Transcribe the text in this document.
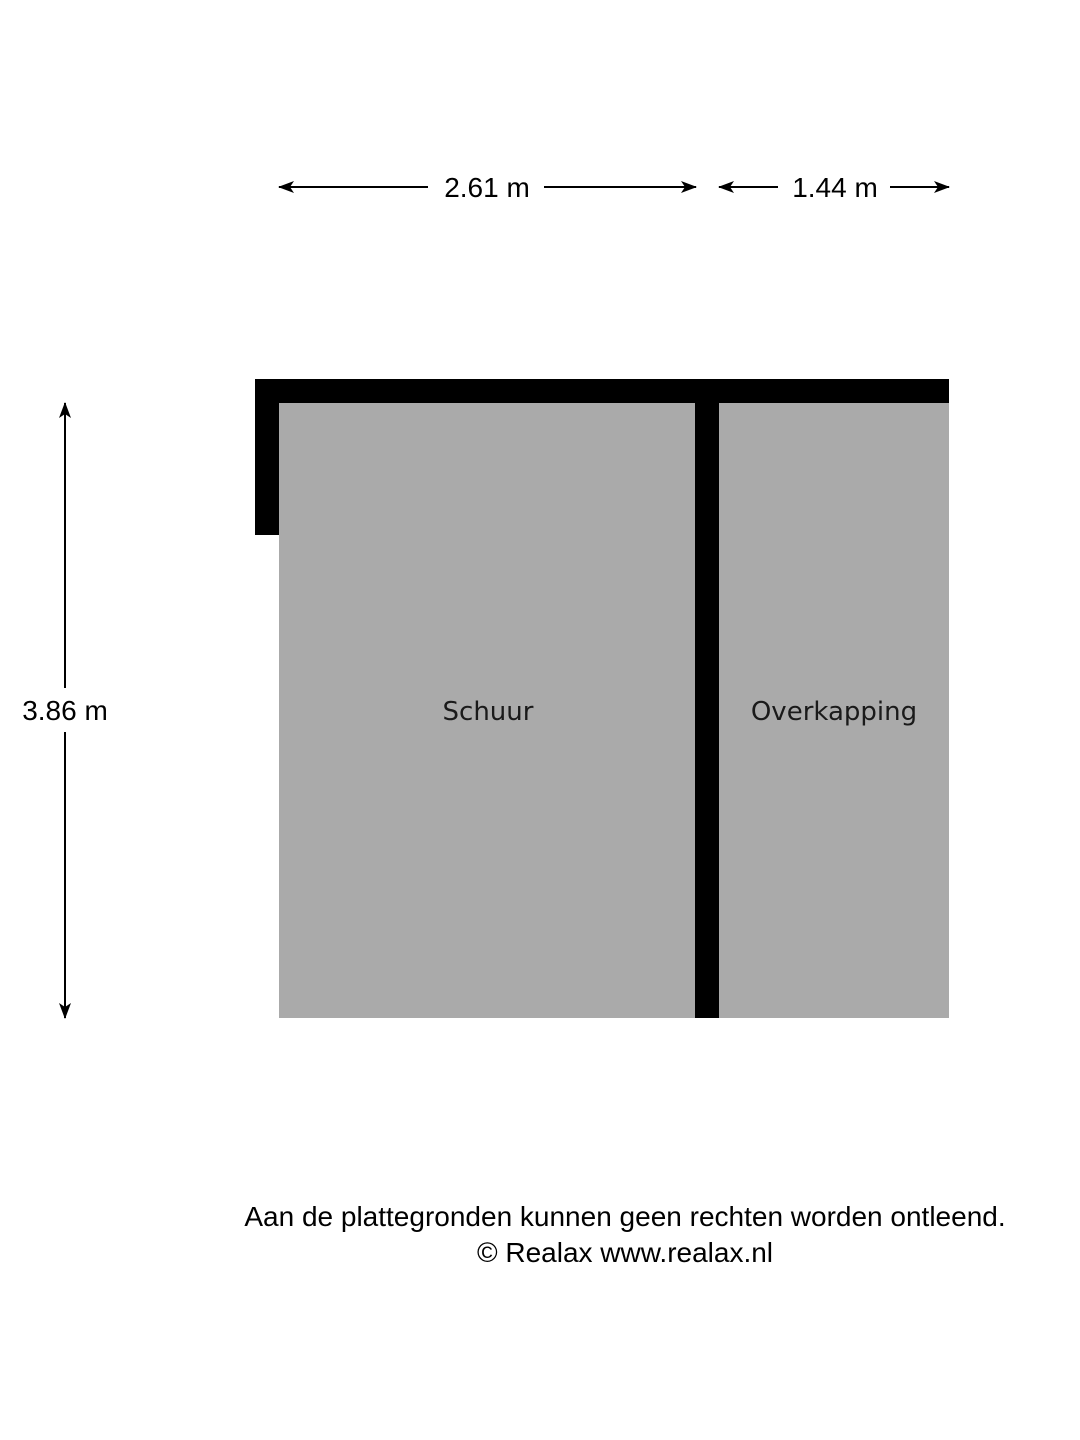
2.61 m	1.44 m
3.86 m	Schuur	Overkapping
Aan de plattegronden kunnen geen rechten worden ontleend.
© Realax www.realax.nl
